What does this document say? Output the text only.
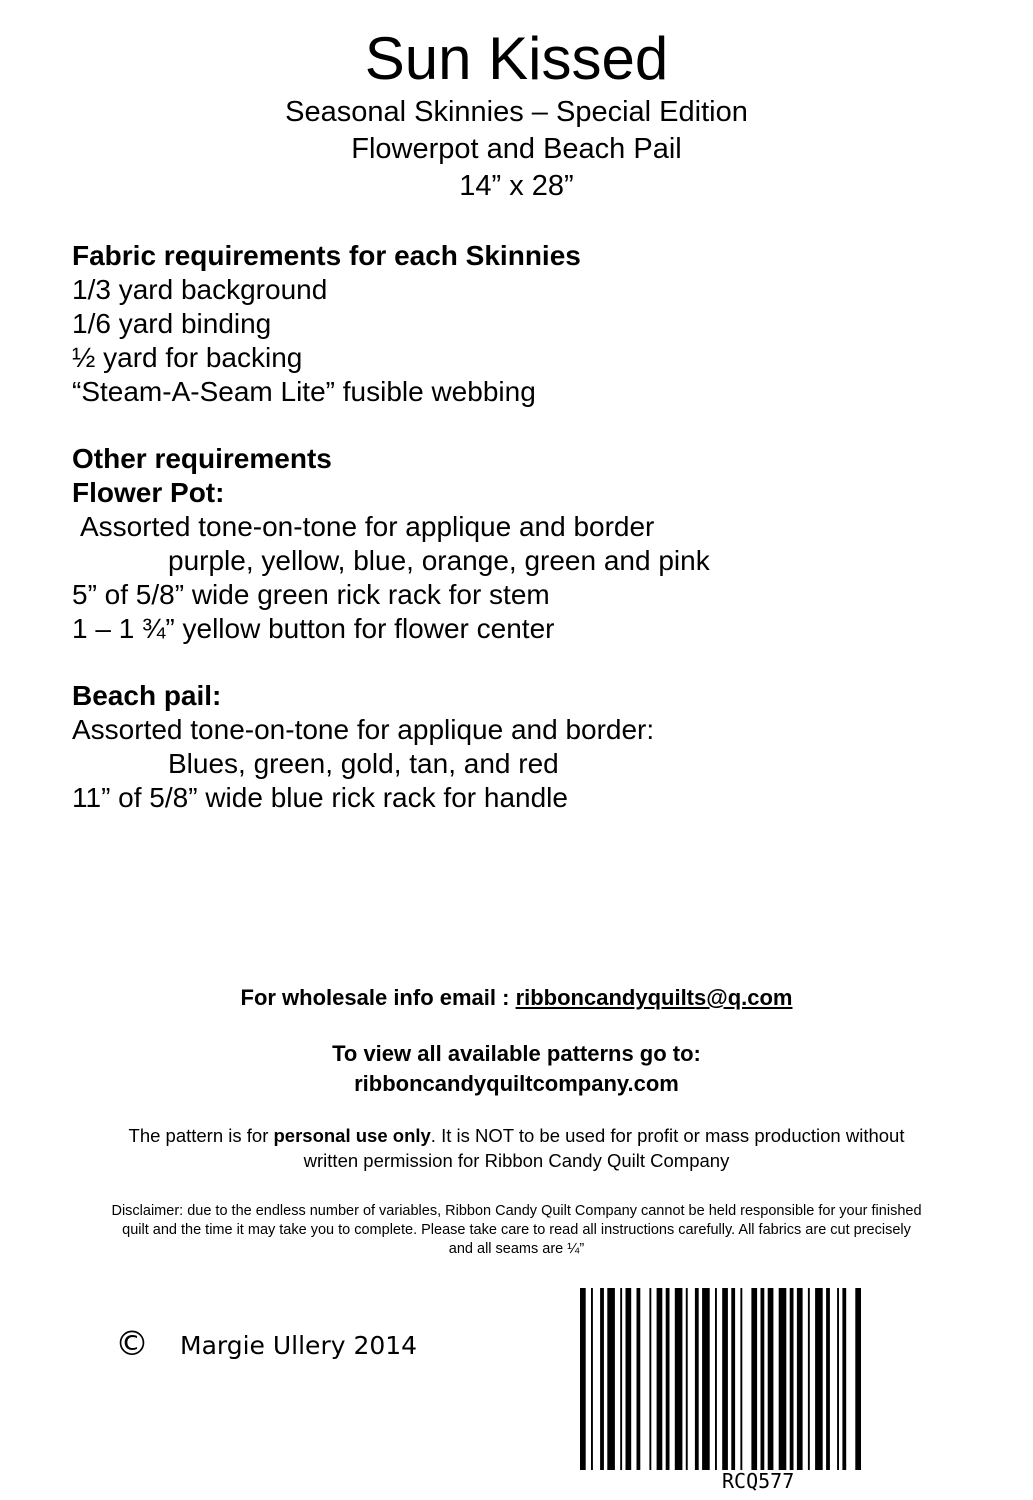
Sun Kissed
Seasonal Skinnies – Special Edition
Flowerpot and Beach Pail
14” x 28”
Fabric requirements for each Skinnies
1/3 yard background
1/6 yard binding
½ yard for backing
“Steam-A-Seam Lite” fusible webbing
Other requirements
Flower Pot:
Assorted tone-on-tone for applique and border
purple, yellow, blue, orange, green and pink
5” of 5/8” wide green rick rack for stem
1 – 1 ¾” yellow button for flower center
Beach pail:
Assorted tone-on-tone for applique and border:
Blues, green, gold, tan, and red
11” of 5/8” wide blue rick rack for handle
For wholesale info email : ribboncandyquilts@q.com
To view all available patterns go to:
ribboncandyquiltcompany.com
The pattern is for personal use only. It is NOT to be used for profit or mass production without
written permission for Ribbon Candy Quilt Company
Disclaimer: due to the endless number of variables, Ribbon Candy Quilt Company cannot be held responsible for your finished
quilt and the time it may take you to complete. Please take care to read all instructions carefully. All fabrics are cut precisely
and all seams are ¼”
© Margie Ullery 2014
RCQ577
